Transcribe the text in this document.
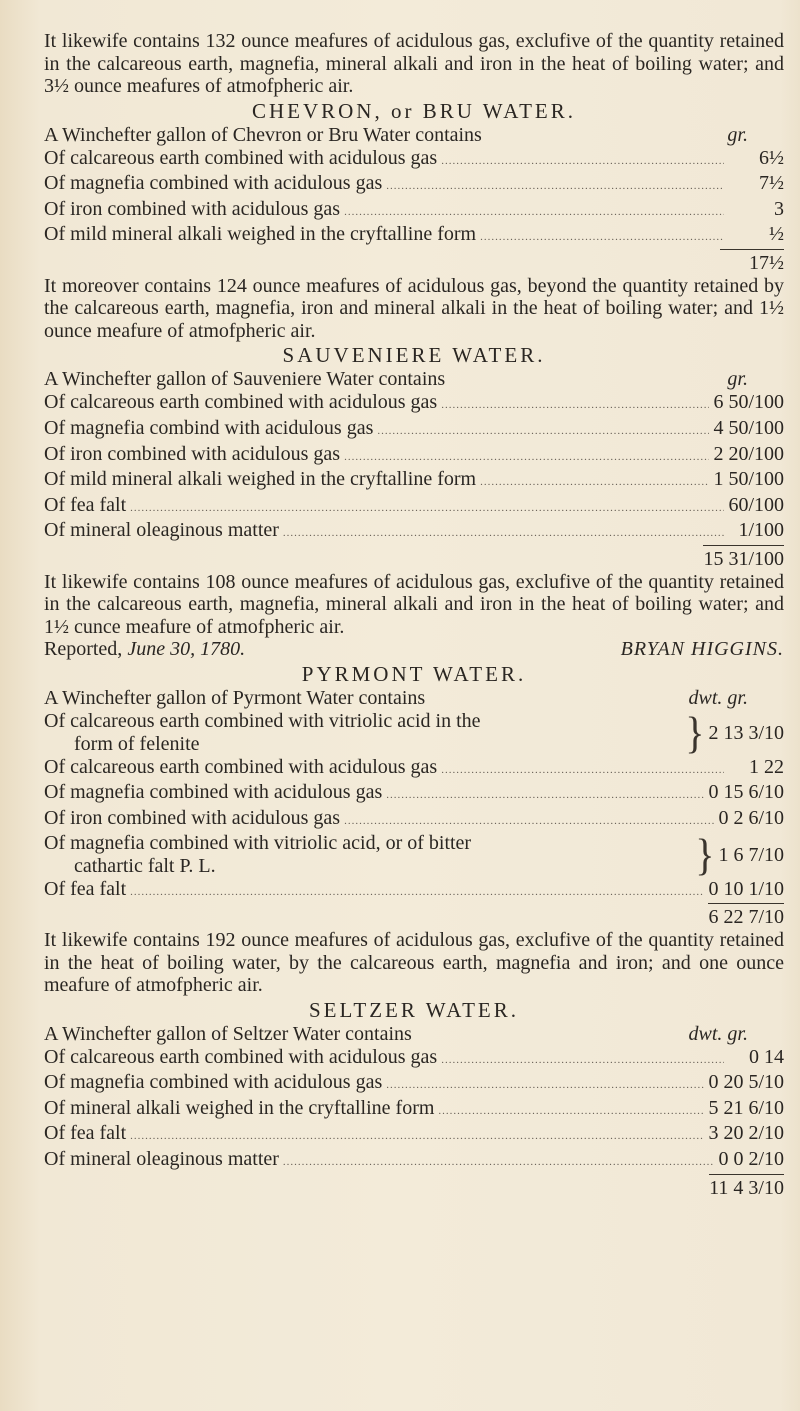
It likewife contains 132 ounce meafures of acidulous gas, exclufive of the quantity retained in the calcareous earth, magnefia, mineral alkali and iron in the heat of boiling water; and 3½ ounce meafures of atmofpheric air.

CHEVRON, or BRU WATER.
A Winchefter gallon of Chevron or Bru Water contains	gr.
Of calcareous earth combined with acidulous gas .....	6½
Of magnefia combined with acidulous gas .....	7½
Of iron combined with acidulous gas .....	3
Of mild mineral alkali weighed in the cryftalline form .....	½
17½

It moreover contains 124 ounce meafures of acidulous gas, beyond the quantity retained by the calcareous earth, magnefia, iron and mineral alkali in the heat of boiling water; and 1½ ounce meafure of atmofpheric air.

SAUVENIERE WATER.
A Winchefter gallon of Sauveniere Water contains	gr.
Of calcareous earth combined with acidulous gas .....	6 50/100
Of magnefia combind with acidulous gas .....	4 50/100
Of iron combined with acidulous gas .....	2 20/100
Of mild mineral alkali weighed in the cryftalline form .....	1 50/100
Of fea falt .....	60/100
Of mineral oleaginous matter .....	1/100
15 31/100

It likewife contains 108 ounce meafures of acidulous gas, exclufive of the quantity retained in the calcareous earth, magnefia, mineral alkali and iron in the heat of boiling water; and 1½ cunce meafure of atmofpheric air.

Reported, June 30, 1780.	BRYAN HIGGINS.
PYRMONT WATER.
A Winchefter gallon of Pyrmont Water contains	dwt. gr.
Of calcareous earth combined with vitriolic acid in the
form of felenite	} 2 13 3/10
Of calcareous earth combined with acidulous gas .....	1 22
Of magnefia combined with acidulous gas .....	0 15 6/10
Of iron combined with acidulous gas .....	0 2 6/10
Of magnefia combined with vitriolic acid, or of bitter
cathartic falt P. L.	} 1 6 7/10
Of fea falt .....	0 10 1/10
6 22 7/10

It likewife contains 192 ounce meafures of acidulous gas, exclufive of the quantity retained in the heat of boiling water, by the calcareous earth, magnefia and iron; and one ounce meafure of atmofpheric air.

SELTZER WATER.
A Winchefter gallon of Seltzer Water contains	dwt. gr.
Of calcareous earth combined with acidulous gas .....	0 14
Of magnefia combined with acidulous gas .....	0 20 5/10
Of mineral alkali weighed in the cryftalline form .....	5 21 6/10
Of fea falt .....	3 20 2/10
Of mineral oleaginous matter .....	0 0 2/10
11 4 3/10
